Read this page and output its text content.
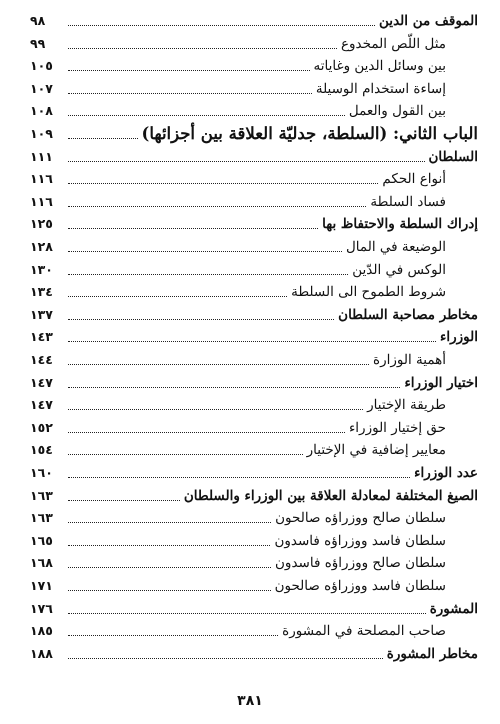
الموقف من الدين
٩٨
مثل اللّص المخدوع
٩٩
بين وسائل الدين وغاياته
١٠٥
إساءة استخدام الوسيلة
١٠٧
بين القول والعمل
١٠٨
الباب الثاني: (السلطة، جدليّة العلاقة بين أجزائها)
١٠٩
السلطان
١١١
أنواع الحكم
١١٦
فساد السلطة
١١٦
إدراك السلطة والاحتفاظ بها
١٢٥
الوضيعة في المال
١٢٨
الوكس في الدّين
١٣٠
شروط الطموح الى السلطة
١٣٤
مخاطر مصاحبة السلطان
١٣٧
الوزراء
١٤٣
أهمية الوزارة
١٤٤
اختيار الوزراء
١٤٧
طريقة الإختيار
١٤٧
حق إختيار الوزراء
١٥٢
معايير إضافية في الإختيار
١٥٤
عدد الوزراء
١٦٠
الصيغ المختلفة لمعادلة العلاقة بين الوزراء والسلطان
١٦٣
سلطان صالح ووزراؤه صالحون
١٦٣
سلطان فاسد ووزراؤه فاسدون
١٦٥
سلطان صالح ووزراؤه فاسدون
١٦٨
سلطان فاسد ووزراؤه صالحون
١٧١
المشورة
١٧٦
صاحب المصلحة في المشورة
١٨٥
مخاطر المشورة
١٨٨
٣٨١
